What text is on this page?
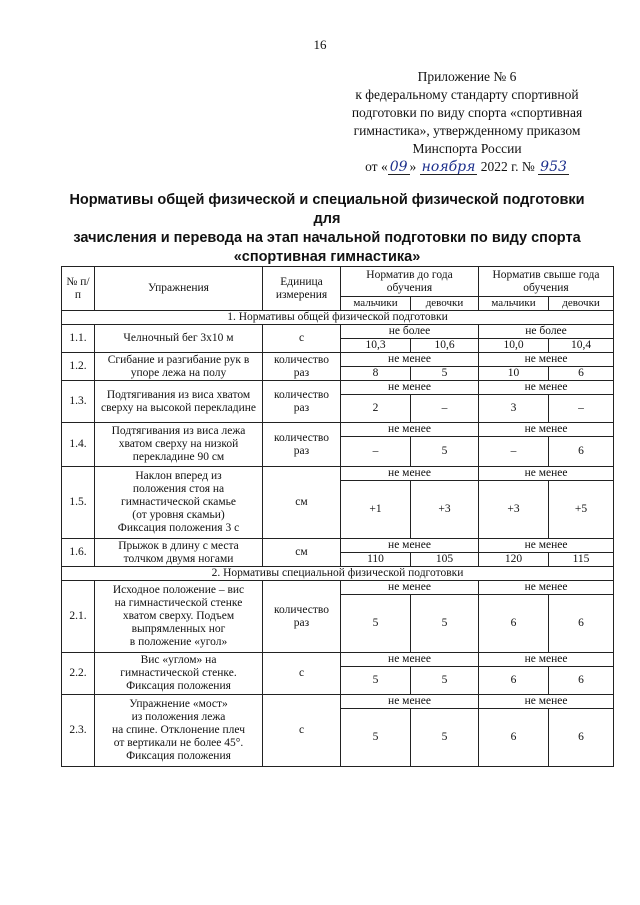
16
Приложение № 6
к федеральному стандарту спортивной
подготовки по виду спорта «спортивная
гимнастика», утвержденному приказом
Минспорта России
от « 09 » ноября 2022 г. № 953
Нормативы общей физической и специальной физической подготовки для
зачисления и перевода на этап начальной подготовки по виду спорта
«спортивная гимнастика»
№ п/п	Упражнения	Единица измерения	Норматив до года обучения		Норматив свыше года обучения	
			мальчики	девочки	мальчики	девочки
1. Нормативы общей физической подготовки						
1.1.	Челночный бег 3x10 м	с	не более		не более	
			10,3	10,6	10,0	10,4
1.2.	Сгибание и разгибание рук в упоре лежа на полу	количество раз	не менее		не менее	
			8	5	10	6
1.3.	Подтягивания из виса хватом сверху на высокой перекладине	количество раз	не менее		не менее	
			2	–	3	–
1.4.	Подтягивания из виса лежа хватом сверху на низкой перекладине 90 см	количество раз	не менее		не менее	
			–	5	–	6
1.5.	Наклон вперед из
положения стоя на
гимнастической скамье
(от уровня скамьи)
Фиксация положения 3 с	см	не менее		не менее	
			+1	+3	+3	+5
1.6.	Прыжок в длину с места толчком двумя ногами	см	не менее		не менее	
			110	105	120	115
2. Нормативы специальной физической подготовки						
2.1.	Исходное положение – вис
на гимнастической стенке
хватом сверху. Подъем
выпрямленных ног
в положение «угол»	количество раз	не менее		не менее	
			5	5	6	6
2.2.	Вис «углом» на
гимнастической стенке.
Фиксация положения	с	не менее		не менее	
			5	5	6	6
2.3.	Упражнение «мост»
из положения лежа
на спине. Отклонение плеч
от вертикали не более 45°.
Фиксация положения	с	не менее		не менее	
			5	5	6	6
